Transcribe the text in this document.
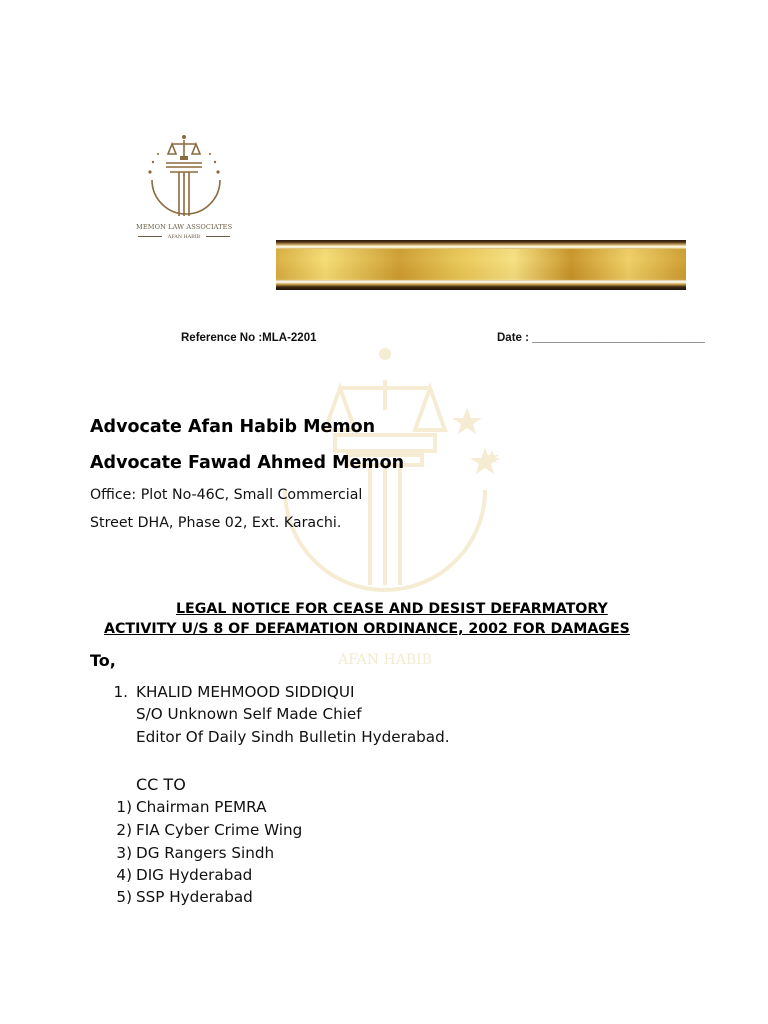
AFAN HABIB
MEMON LAW ASSOCIATES
AFAN HABIB
Reference No :MLA-2201	Date : ___________________________
Advocate Afan Habib Memon
Advocate Fawad Ahmed Memon
Office: Plot No-46C, Small Commercial
Street DHA, Phase 02, Ext. Karachi.
LEGAL NOTICE FOR CEASE AND DESIST DEFARMATORY
ACTIVITY U/S 8 OF DEFAMATION ORDINANCE, 2002 FOR DAMAGES
To,
1. KHALID MEHMOOD SIDDIQUI
S/O Unknown Self Made Chief
Editor Of Daily Sindh Bulletin Hyderabad.
CC TO
1) Chairman PEMRA
2) FIA Cyber Crime Wing
3) DG Rangers Sindh
4) DIG Hyderabad
5) SSP Hyderabad
